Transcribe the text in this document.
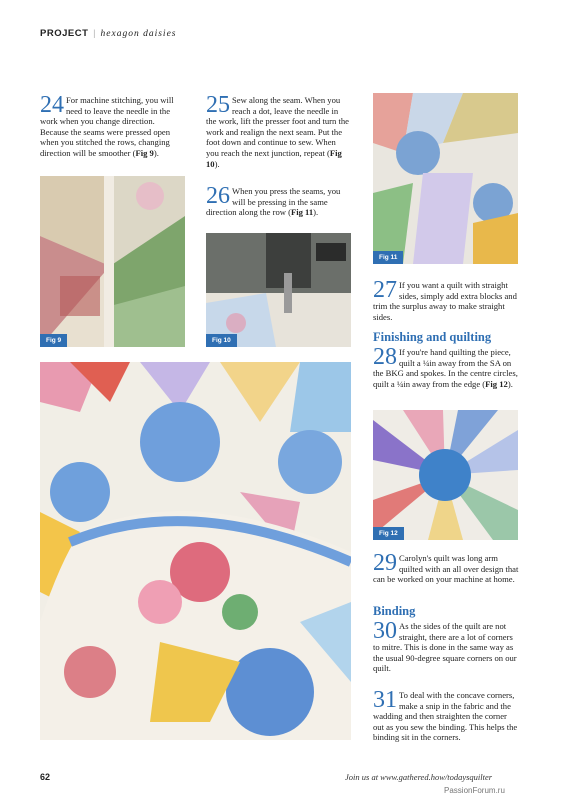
PROJECT | hexagon daisies
24 For machine stitching, you will need to leave the needle in the work when you change direction. Because the seams were pressed open when you stitched the rows, changing direction will be smoother (Fig 9).
Fig 9
25 Sew along the seam. When you reach a dot, leave the needle in the work, lift the presser foot and turn the work and realign the next seam. Put the foot down and continue to sew. When you reach the next junction, repeat (Fig 10).
26 When you press the seams, you will be pressing in the same direction along the row (Fig 11).
Fig 10
Fig 11
27 If you want a quilt with straight sides, simply add extra blocks and trim the surplus away to make straight sides.
Finishing and quilting
28 If you're hand quilting the piece, quilt a ¼in away from the SA on the BKG and spokes. In the centre circles, quilt a ¼in away from the edge (Fig 12).
Fig 12
29 Carolyn's quilt was long arm quilted with an all over design that can be worked on your machine at home.
Binding
30 As the sides of the quilt are not straight, there are a lot of corners to mitre. This is done in the same way as the usual 90-degree square corners on our quilt.
31 To deal with the concave corners, make a snip in the fabric and the wadding and then straighten the corner out as you sew the binding. This helps the binding sit in the corners.
62	Join us at www.gathered.how/todaysquilter
PassionForum.ru
